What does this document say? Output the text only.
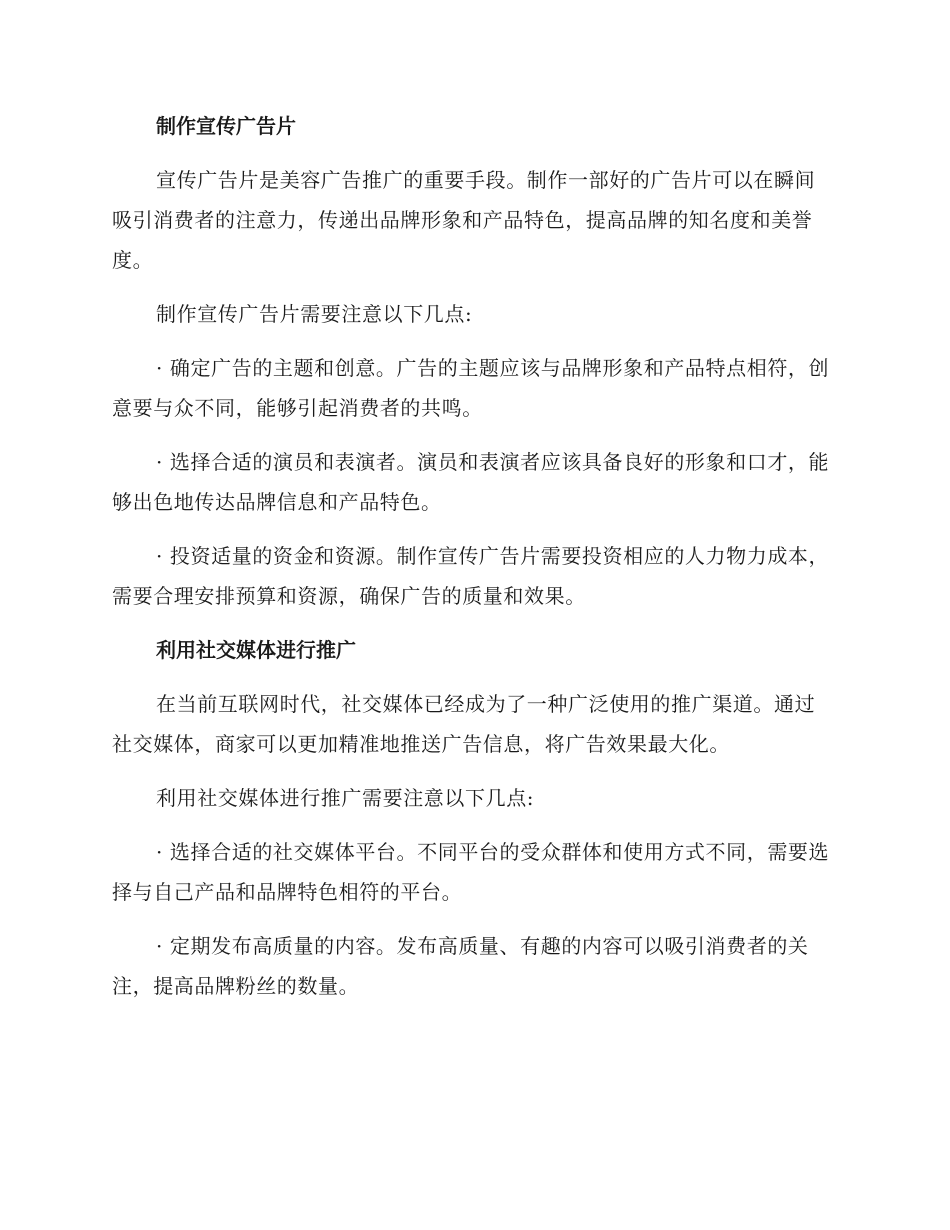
制作宣传广告片

宣传广告片是美容广告推广的重要手段。制作一部好的广告片可以在瞬间吸引消费者的注意力，传递出品牌形象和产品特色，提高品牌的知名度和美誉度。

制作宣传广告片需要注意以下几点:

· 确定广告的主题和创意。广告的主题应该与品牌形象和产品特点相符，创意要与众不同，能够引起消费者的共鸣。

· 选择合适的演员和表演者。演员和表演者应该具备良好的形象和口才，能够出色地传达品牌信息和产品特色。

· 投资适量的资金和资源。制作宣传广告片需要投资相应的人力物力成本，需要合理安排预算和资源，确保广告的质量和效果。

利用社交媒体进行推广

在当前互联网时代，社交媒体已经成为了一种广泛使用的推广渠道。通过社交媒体，商家可以更加精准地推送广告信息，将广告效果最大化。

利用社交媒体进行推广需要注意以下几点:

· 选择合适的社交媒体平台。不同平台的受众群体和使用方式不同，需要选择与自己产品和品牌特色相符的平台。

· 定期发布高质量的内容。发布高质量、有趣的内容可以吸引消费者的关注，提高品牌粉丝的数量。
